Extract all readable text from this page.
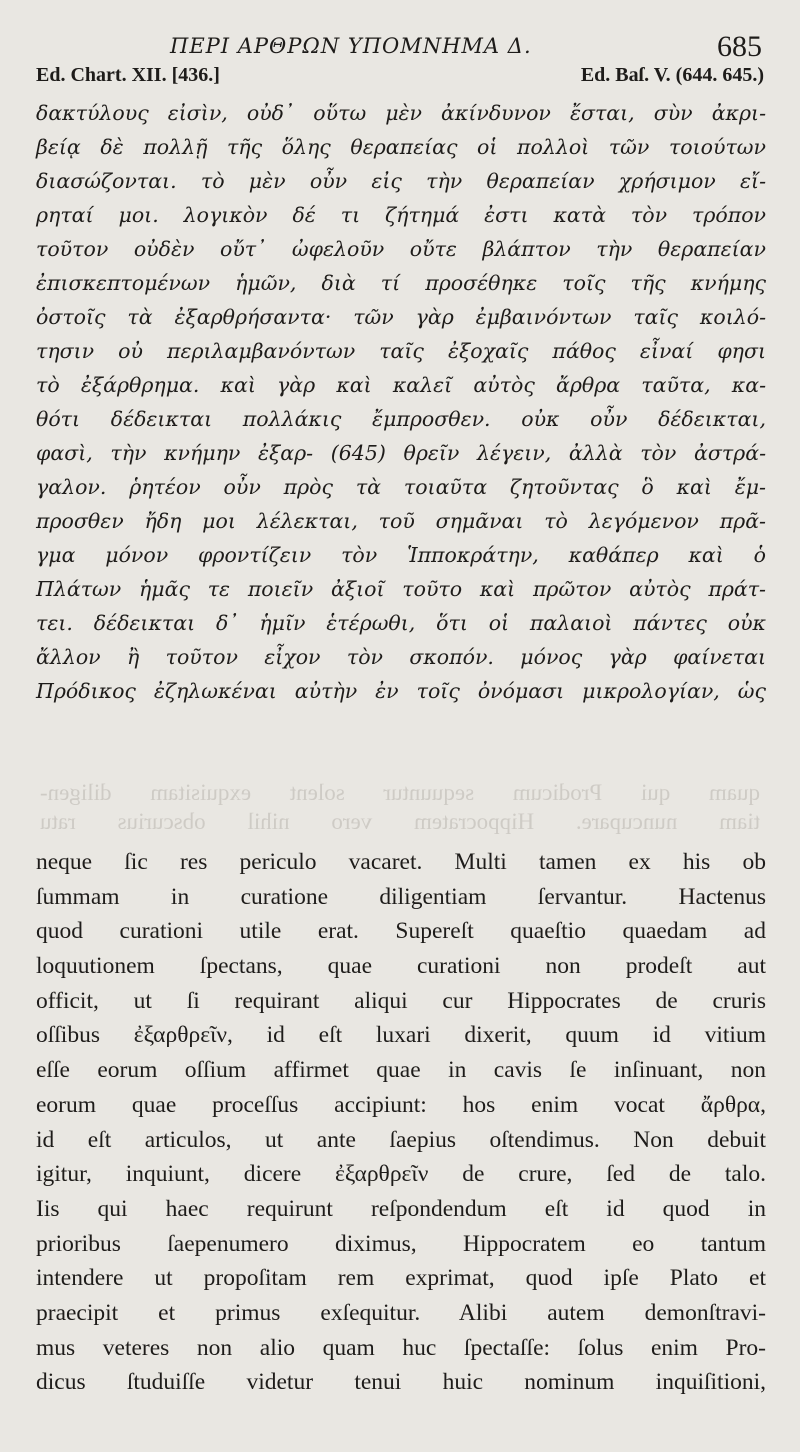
ΠΕΡΙ ΑΡΘΡΩΝ ΥΠΟΜΝΗΜΑ Δ.	685
Ed. Chart. XII. [436.]	Ed. Baſ. V. (644. 645.)
δακτύλους εἰσὶν, οὐδ᾽ οὕτω μὲν ἀκίνδυνον ἔσται, σὺν ἀκρι-
βείᾳ δὲ πολλῇ τῆς ὅλης θεραπείας οἱ πολλοὶ τῶν τοιούτων
διασώζονται. τὸ μὲν οὖν εἰς τὴν θεραπείαν χρήσιμον εἴ-
ρηταί μοι. λογικὸν δέ τι ζήτημά ἐστι κατὰ τὸν τρόπον
τοῦτον οὐδὲν οὔτ᾽ ὠφελοῦν οὔτε βλάπτον τὴν θεραπείαν
ἐπισκεπτομένων ἡμῶν, διὰ τί προσέθηκε τοῖς τῆς κνήμης
ὀστοῖς τὰ ἐξαρθρήσαντα· τῶν γὰρ ἐμβαινόντων ταῖς κοιλό-
τησιν οὐ περιλαμβανόντων ταῖς ἐξοχαῖς πάθος εἶναί φησι
τὸ ἐξάρθρημα. καὶ γὰρ καὶ καλεῖ αὐτὸς ἄρθρα ταῦτα, κα-
θότι δέδεικται πολλάκις ἔμπροσθεν. οὐκ οὖν δέδεικται,
φασὶ, τὴν κνήμην ἐξαρ- (645) θρεῖν λέγειν, ἀλλὰ τὸν ἀστρά-
γαλον. ῥητέον οὖν πρὸς τὰ τοιαῦτα ζητοῦντας ὃ καὶ ἔμ-
προσθεν ἤδη μοι λέλεκται, τοῦ σημᾶναι τὸ λεγόμενον πρᾶ-
γμα μόνον φροντίζειν τὸν Ἱπποκράτην, καθάπερ καὶ ὁ
Πλάτων ἡμᾶς τε ποιεῖν ἀξιοῖ τοῦτο καὶ πρῶτον αὐτὸς πράτ-
τει. δέδεικται δ᾽ ἡμῖν ἑτέρωθι, ὅτι οἱ παλαιοὶ πάντες οὐκ
ἄλλον ἢ τοῦτον εἶχον τὸν σκοπόν. μόνος γὰρ φαίνεται
Πρόδικος ἐζηλωκέναι αὐτὴν ἐν τοῖς ὀνόμασι μικρολογίαν, ὡς
quam qui Prodicum sequuntur solent exquisitam diligen-
tiam nuncupare. Hippocratem vero nihil obscurius ratu
neque ſic res periculo vacaret. Multi tamen ex his ob
ſummam in curatione diligentiam ſervantur. Hactenus
quod curationi utile erat. Supereſt quaeſtio quaedam ad
loquutionem ſpectans, quae curationi non prodeſt aut
officit, ut ſi requirant aliqui cur Hippocrates de cruris
oſſibus ἐξαρθρεῖν, id eſt luxari dixerit, quum id vitium
eſſe eorum oſſium affirmet quae in cavis ſe inſinuant, non
eorum quae proceſſus accipiunt: hos enim vocat ἄρθρα,
id eſt articulos, ut ante ſaepius oſtendimus. Non debuit
igitur, inquiunt, dicere ἐξαρθρεῖν de crure, ſed de talo.
Iis qui haec requirunt reſpondendum eſt id quod in
prioribus ſaepenumero diximus, Hippocratem eo tantum
intendere ut propoſitam rem exprimat, quod ipſe Plato et
praecipit et primus exſequitur. Alibi autem demonſtravi-
mus veteres non alio quam huc ſpectaſſe: ſolus enim Pro-
dicus ſtuduiſſe videtur tenui huic nominum inquiſitioni,
